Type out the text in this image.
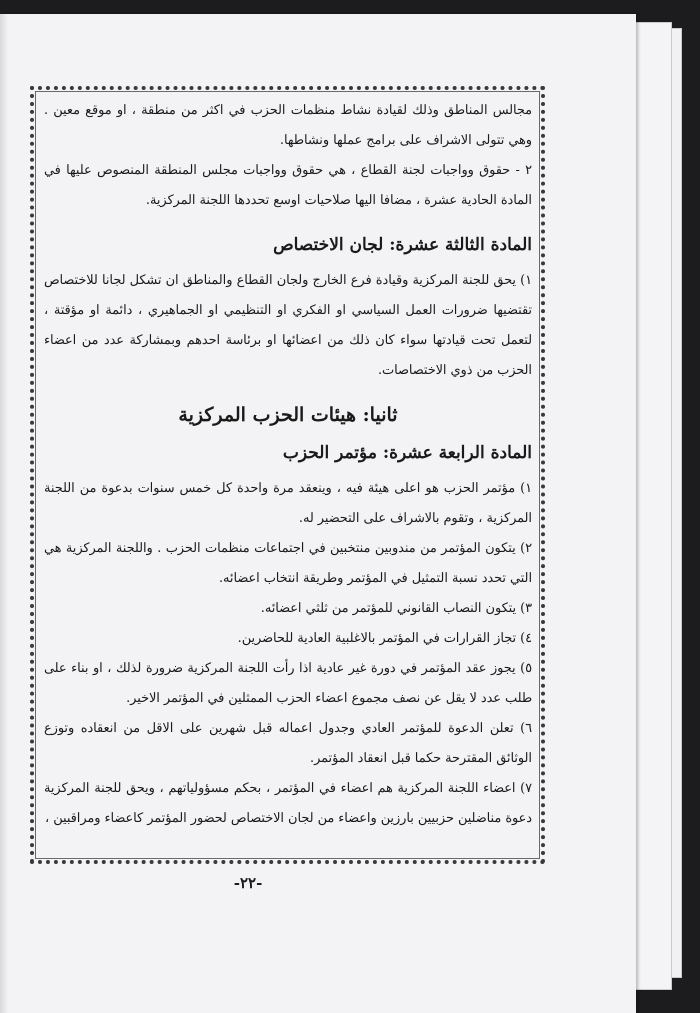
مجالس المناطق وذلك لقيادة نشاط منظمات الحزب في اكثر من منطقة ، او موقع معين . وهي تتولى الاشراف على برامج عملها ونشاطها.
٢ - حقوق وواجبات لجنة القطاع ، هي حقوق وواجبات مجلس المنطقة المنصوص عليها في المادة الحادية عشرة ، مضافا اليها صلاحيات اوسع تحددها اللجنة المركزية.
المادة الثالثة عشرة: لجان الاختصاص
١) يحق للجنة المركزية وقيادة فرع الخارج ولجان القطاع والمناطق ان تشكل لجانا للاختصاص تقتضيها ضرورات العمل السياسي او الفكري او التنظيمي او الجماهيري ، دائمة او مؤقتة ، لتعمل تحت قيادتها سواء كان ذلك من اعضائها او برئاسة احدهم وبمشاركة عدد من اعضاء الحزب من ذوي الاختصاصات.
ثانيا: هيئات الحزب المركزية
المادة الرابعة عشرة: مؤتمر الحزب
١) مؤتمر الحزب هو اعلى هيئة فيه ، وينعقد مرة واحدة كل خمس سنوات بدعوة من اللجنة المركزية ، وتقوم بالاشراف على التحضير له.
٢) يتكون المؤتمر من مندوبين منتخبين في اجتماعات منظمات الحزب . واللجنة المركزية هي التي تحدد نسبة التمثيل في المؤتمر وطريقة انتخاب اعضائه.
٣) يتكون النصاب القانوني للمؤتمر من ثلثي اعضائه.
٤) تجاز القرارات في المؤتمر بالاغلبية العادية للحاضرين.
٥) يجوز عقد المؤتمر في دورة غير عادية اذا رأت اللجنة المركزية ضرورة لذلك ، او بناء على طلب عدد لا يقل عن نصف مجموع اعضاء الحزب الممثلين في المؤتمر الاخير.
٦) تعلن الدعوة للمؤتمر العادي وجدول اعماله قبل شهرين على الاقل من انعقاده وتوزع الوثائق المقترحة حكما قبل انعقاد المؤتمر.
٧) اعضاء اللجنة المركزية هم اعضاء في المؤتمر ، بحكم مسؤولياتهم ، ويحق للجنة المركزية دعوة مناضلين حزبيين بارزين واعضاء من لجان الاختصاص لحضور المؤتمر كاعضاء ومراقبين ،
-٢٢-
